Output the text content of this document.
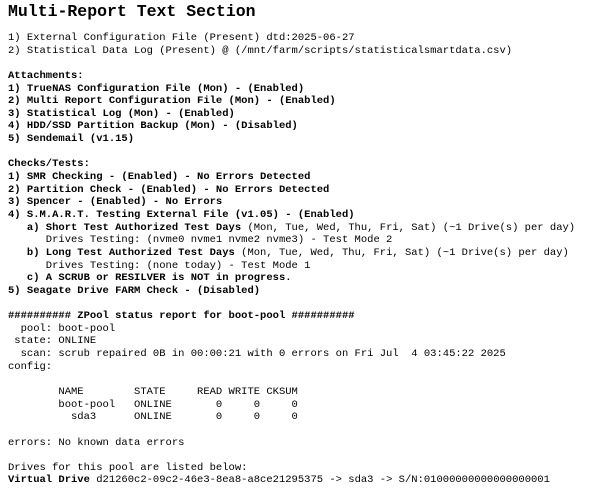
Multi-Report Text Section
1) External Configuration File (Present) dtd:2025-06-27
2) Statistical Data Log (Present) @ (/mnt/farm/scripts/statisticalsmartdata.csv)
Attachments:
1) TrueNAS Configuration File (Mon) - (Enabled)
2) Multi Report Configuration File (Mon) - (Enabled)
3) Statistical Log (Mon) - (Enabled)
4) HDD/SSD Partition Backup (Mon) - (Disabled)
5) Sendemail (v1.15)
Checks/Tests:
1) SMR Checking - (Enabled) - No Errors Detected
2) Partition Check - (Enabled) - No Errors Detected
3) Spencer - (Enabled) - No Errors
4) S.M.A.R.T. Testing External File (v1.05) - (Enabled)
a) Short Test Authorized Test Days (Mon, Tue, Wed, Thu, Fri, Sat) (~1 Drive(s) per day)
Drives Testing: (nvme0 nvme1 nvme2 nvme3) - Test Mode 2
b) Long Test Authorized Test Days (Mon, Tue, Wed, Thu, Fri, Sat) (~1 Drive(s) per day)
Drives Testing: (none today) - Test Mode 1
c) A SCRUB or RESILVER is NOT in progress.
5) Seagate Drive FARM Check - (Disabled)
########## ZPool status report for boot-pool ##########
pool: boot-pool
state: ONLINE
scan: scrub repaired 0B in 00:00:21 with 0 errors on Fri Jul  4 03:45:22 2025
config:
NAME        STATE     READ WRITE CKSUM
boot-pool   ONLINE       0     0     0
sda3      ONLINE       0     0     0
errors: No known data errors
Drives for this pool are listed below:
Virtual Drive d21260c2-09c2-46e3-8ea8-a8ce21295375 -> sda3 -> S/N:01000000000000000001
